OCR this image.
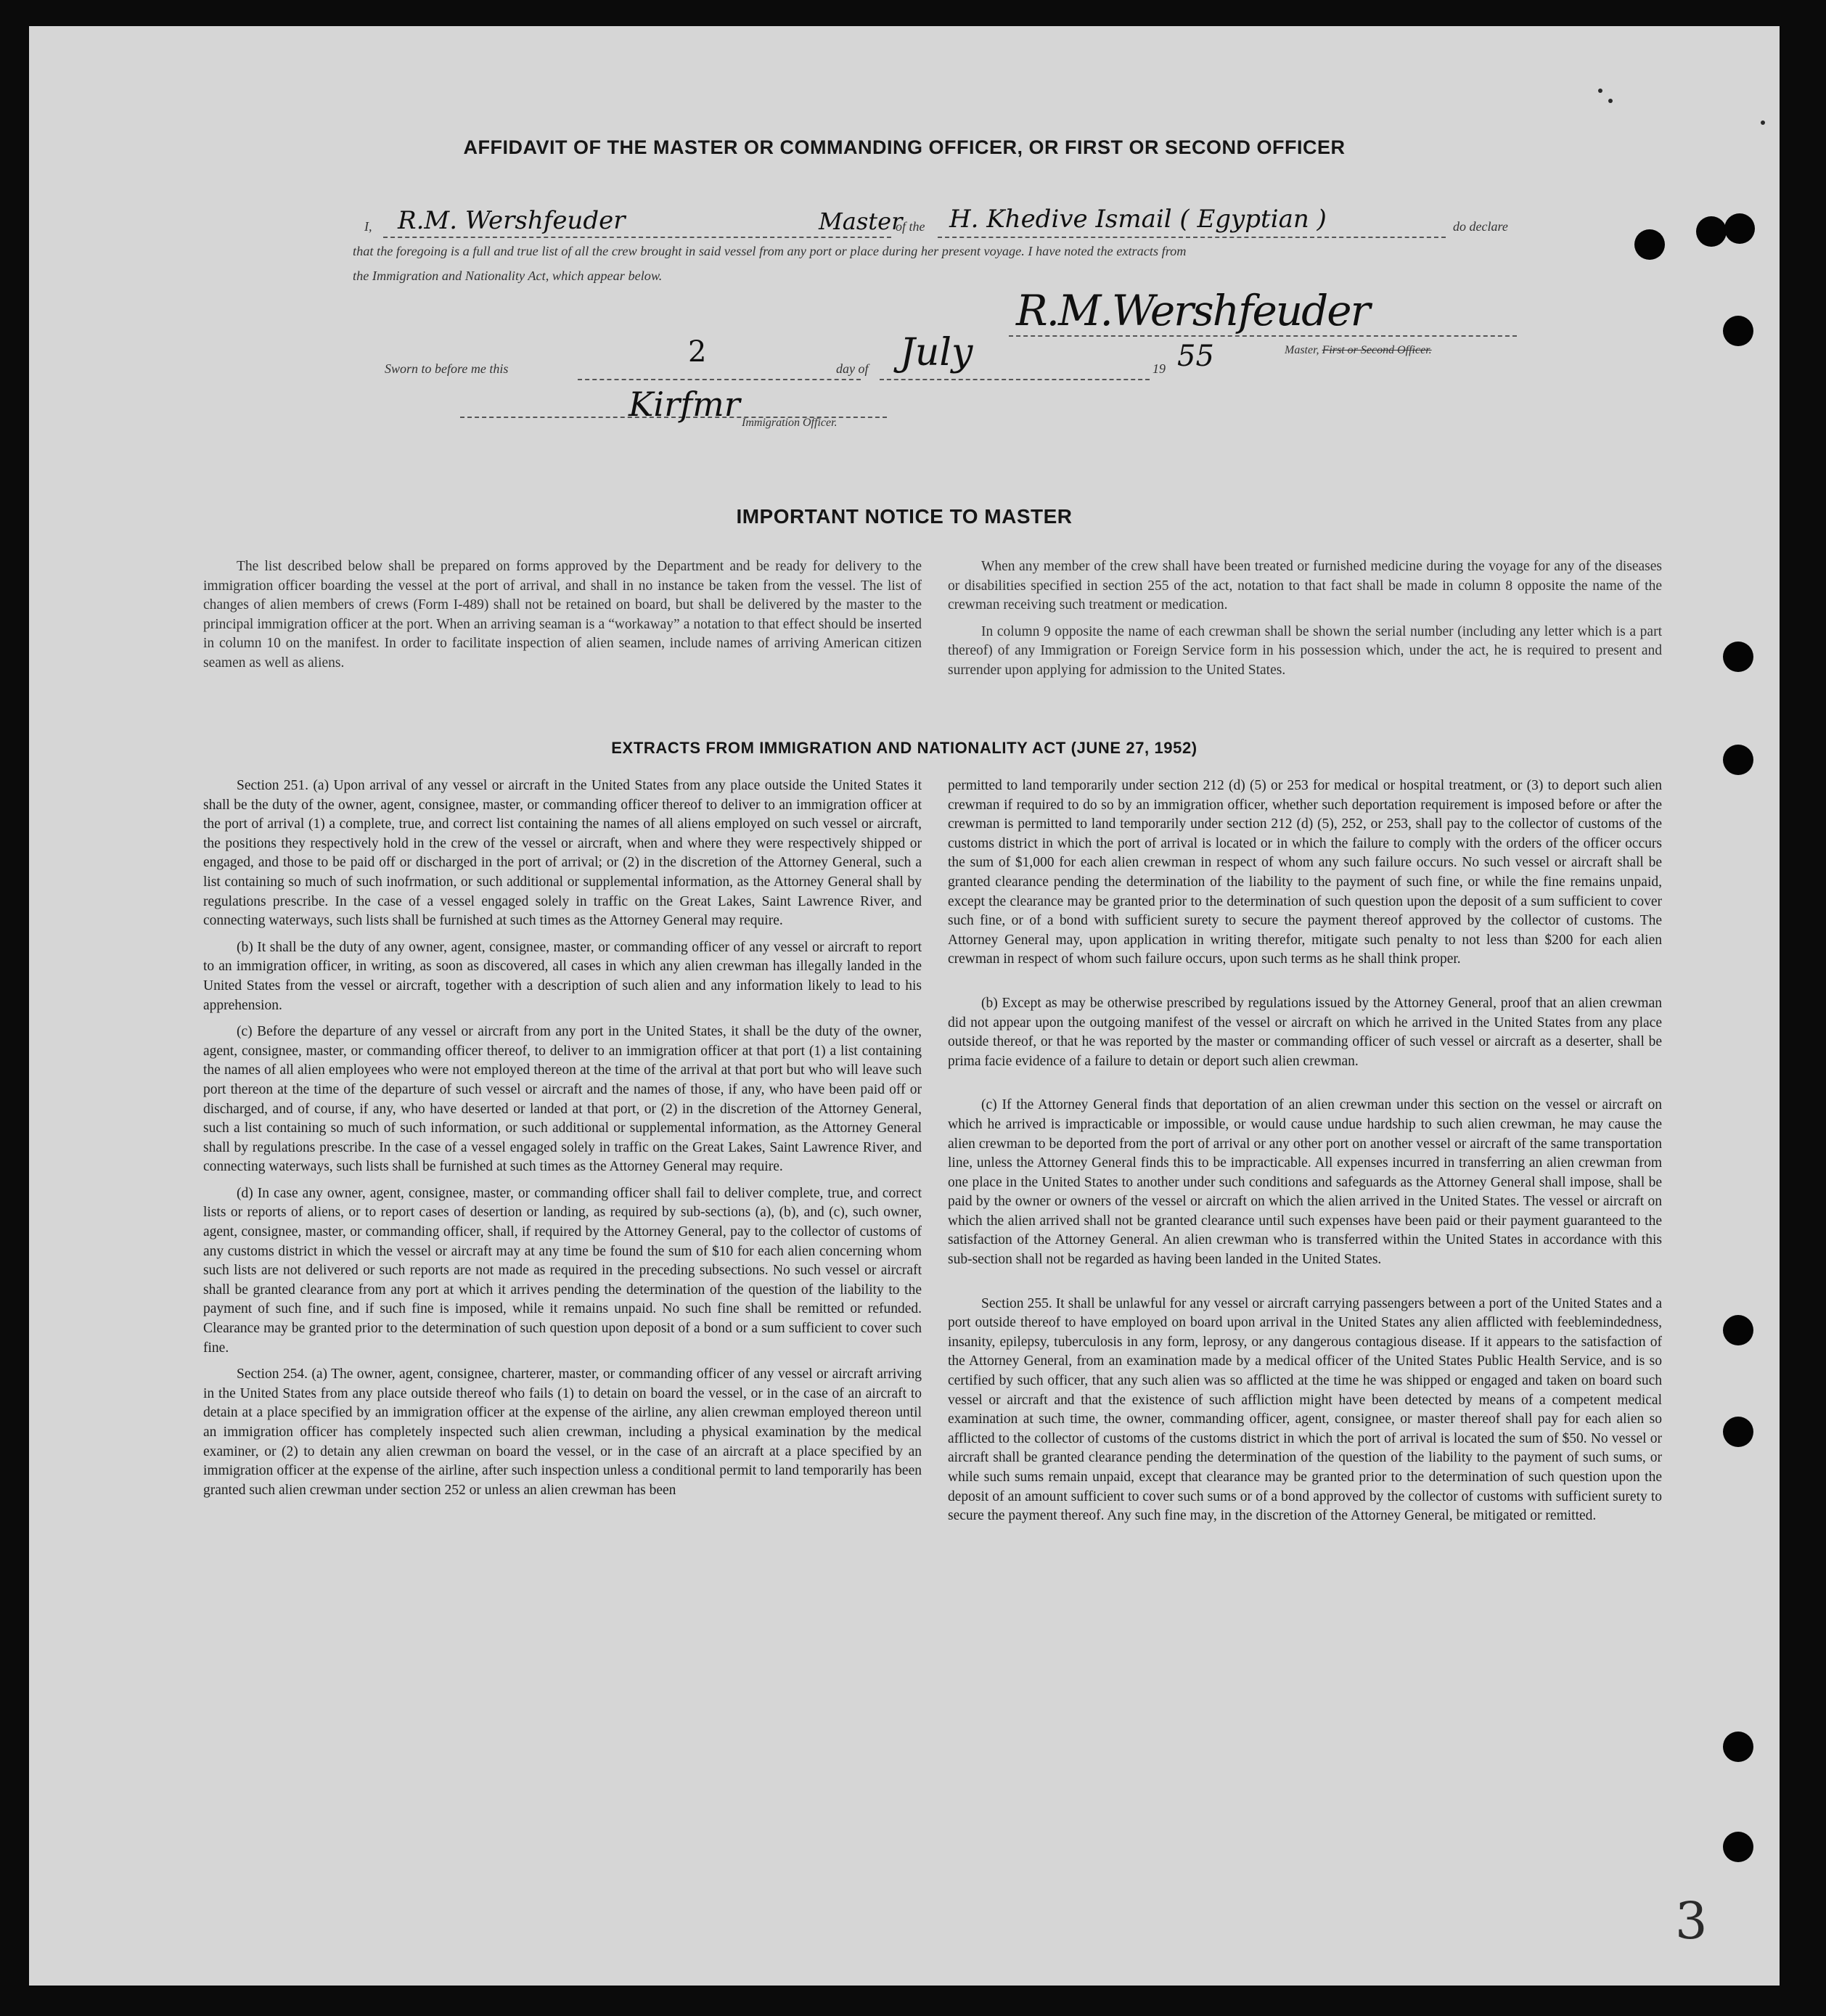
AFFIDAVIT OF THE MASTER OR COMMANDING OFFICER, OR FIRST OR SECOND OFFICER
I, R.M. Wershfeuder	Master
of the H. Khedive Ismail ( Egyptian )	do declare
that the foregoing is a full and true list of all the crew brought in said vessel from any port or place during her present voyage. I have noted the extracts from
the Immigration and Nationality Act, which appear below.
Sworn to before me this	2	day of July	19 55
R.M.Wershfeuder
Master, First or Second Officer.
Kirfmr Immigration Officer.
IMPORTANT NOTICE TO MASTER

The list described below shall be prepared on forms approved by the Department and be ready for delivery to the immigration officer boarding the vessel at the port of arrival, and shall in no instance be taken from the vessel. The list of changes of alien members of crews (Form I-489) shall not be retained on board, but shall be delivered by the master to the principal immigration officer at the port. When an arriving seaman is a “workaway” a notation to that effect should be inserted in column 10 on the manifest. In order to facilitate inspection of alien seamen, include names of arriving American citizen seamen as well as aliens.

When any member of the crew shall have been treated or furnished medicine during the voyage for any of the diseases or disabilities specified in section 255 of the act, notation to that fact shall be made in column 8 opposite the name of the crewman receiving such treatment or medication.

In column 9 opposite the name of each crewman shall be shown the serial number (including any letter which is a part thereof) of any Immigration or Foreign Service form in his possession which, under the act, he is required to present and surrender upon applying for admission to the United States.

EXTRACTS FROM IMMIGRATION AND NATIONALITY ACT (JUNE 27, 1952)

Section 251. (a) Upon arrival of any vessel or aircraft in the United States from any place outside the United States it shall be the duty of the owner, agent, consignee, master, or commanding officer thereof to deliver to an immigration officer at the port of arrival (1) a complete, true, and correct list containing the names of all aliens employed on such vessel or aircraft, the positions they respectively hold in the crew of the vessel or aircraft, when and where they were respectively shipped or engaged, and those to be paid off or discharged in the port of arrival; or (2) in the discretion of the Attorney General, such a list containing so much of such inofrmation, or such additional or supplemental information, as the Attorney General shall by regulations prescribe. In the case of a vessel engaged solely in traffic on the Great Lakes, Saint Lawrence River, and connecting waterways, such lists shall be furnished at such times as the Attorney General may require.

(b) It shall be the duty of any owner, agent, consignee, master, or commanding officer of any vessel or aircraft to report to an immigration officer, in writing, as soon as discovered, all cases in which any alien crewman has illegally landed in the United States from the vessel or aircraft, together with a description of such alien and any information likely to lead to his apprehension.

(c) Before the departure of any vessel or aircraft from any port in the United States, it shall be the duty of the owner, agent, consignee, master, or commanding officer thereof, to deliver to an immigration officer at that port (1) a list containing the names of all alien employees who were not employed thereon at the time of the arrival at that port but who will leave such port thereon at the time of the departure of such vessel or aircraft and the names of those, if any, who have been paid off or discharged, and of course, if any, who have deserted or landed at that port, or (2) in the discretion of the Attorney General, such a list containing so much of such information, or such additional or supplemental information, as the Attorney General shall by regulations prescribe. In the case of a vessel engaged solely in traffic on the Great Lakes, Saint Lawrence River, and connecting waterways, such lists shall be furnished at such times as the Attorney General may require.

(d) In case any owner, agent, consignee, master, or commanding officer shall fail to deliver complete, true, and correct lists or reports of aliens, or to report cases of desertion or landing, as required by sub-sections (a), (b), and (c), such owner, agent, consignee, master, or commanding officer, shall, if required by the Attorney General, pay to the collector of customs of any customs district in which the vessel or aircraft may at any time be found the sum of $10 for each alien concerning whom such lists are not delivered or such reports are not made as required in the preceding subsections. No such vessel or aircraft shall be granted clearance from any port at which it arrives pending the determination of the question of the liability to the payment of such fine, and if such fine is imposed, while it remains unpaid. No such fine shall be remitted or refunded. Clearance may be granted prior to the determination of such question upon deposit of a bond or a sum sufficient to cover such fine.

Section 254. (a) The owner, agent, consignee, charterer, master, or commanding officer of any vessel or aircraft arriving in the United States from any place outside thereof who fails (1) to detain on board the vessel, or in the case of an aircraft to detain at a place specified by an immigration officer at the expense of the airline, any alien crewman employed thereon until an immigration officer has completely inspected such alien crewman, including a physical examination by the medical examiner, or (2) to detain any alien crewman on board the vessel, or in the case of an aircraft at a place specified by an immigration officer at the expense of the airline, after such inspection unless a conditional permit to land temporarily has been granted such alien crewman under section 252 or unless an alien crewman has been

permitted to land temporarily under section 212 (d) (5) or 253 for medical or hospital treatment, or (3) to deport such alien crewman if required to do so by an immigration officer, whether such deportation requirement is imposed before or after the crewman is permitted to land temporarily under section 212 (d) (5), 252, or 253, shall pay to the collector of customs of the customs district in which the port of arrival is located or in which the failure to comply with the orders of the officer occurs the sum of $1,000 for each alien crewman in respect of whom any such failure occurs. No such vessel or aircraft shall be granted clearance pending the determination of the liability to the payment of such fine, or while the fine remains unpaid, except the clearance may be granted prior to the determination of such question upon the deposit of a sum sufficient to cover such fine, or of a bond with sufficient surety to secure the payment thereof approved by the collector of customs. The Attorney General may, upon application in writing therefor, mitigate such penalty to not less than $200 for each alien crewman in respect of whom such failure occurs, upon such terms as he shall think proper.

(b) Except as may be otherwise prescribed by regulations issued by the Attorney General, proof that an alien crewman did not appear upon the outgoing manifest of the vessel or aircraft on which he arrived in the United States from any place outside thereof, or that he was reported by the master or commanding officer of such vessel or aircraft as a deserter, shall be prima facie evidence of a failure to detain or deport such alien crewman.

(c) If the Attorney General finds that deportation of an alien crewman under this section on the vessel or aircraft on which he arrived is impracticable or impossible, or would cause undue hardship to such alien crewman, he may cause the alien crewman to be deported from the port of arrival or any other port on another vessel or aircraft of the same transportation line, unless the Attorney General finds this to be impracticable. All expenses incurred in transferring an alien crewman from one place in the United States to another under such conditions and safeguards as the Attorney General shall impose, shall be paid by the owner or owners of the vessel or aircraft on which the alien arrived in the United States. The vessel or aircraft on which the alien arrived shall not be granted clearance until such expenses have been paid or their payment guaranteed to the satisfaction of the Attorney General. An alien crewman who is transferred within the United States in accordance with this sub-section shall not be regarded as having been landed in the United States.

Section 255. It shall be unlawful for any vessel or aircraft carrying passengers between a port of the United States and a port outside thereof to have employed on board upon arrival in the United States any alien afflicted with feeblemindedness, insanity, epilepsy, tuberculosis in any form, leprosy, or any dangerous contagious disease. If it appears to the satisfaction of the Attorney General, from an examination made by a medical officer of the United States Public Health Service, and is so certified by such officer, that any such alien was so afflicted at the time he was shipped or engaged and taken on board such vessel or aircraft and that the existence of such affliction might have been detected by means of a competent medical examination at such time, the owner, commanding officer, agent, consignee, or master thereof shall pay for each alien so afflicted to the collector of customs of the customs district in which the port of arrival is located the sum of $50. No vessel or aircraft shall be granted clearance pending the determination of the question of the liability to the payment of such sums, or while such sums remain unpaid, except that clearance may be granted prior to the determination of such question upon the deposit of an amount sufficient to cover such sums or of a bond approved by the collector of customs with sufficient surety to secure the payment thereof. Any such fine may, in the discretion of the Attorney General, be mitigated or remitted.

3
